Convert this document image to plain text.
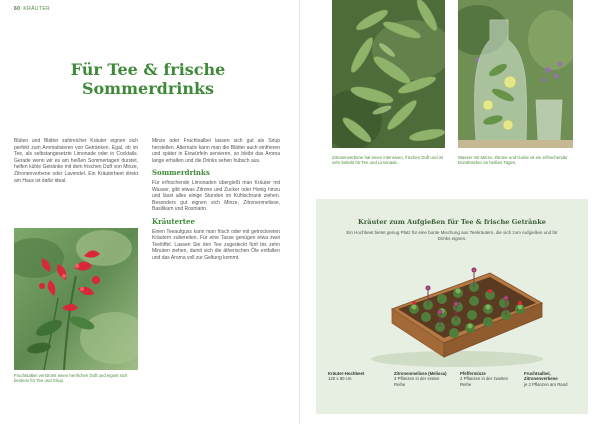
60 KRÄUTER
Für Tee & frische
Sommerdrinks

Blüten und Blätter zahlreicher Kräuter eignen sich perfekt zum Aromatisieren von Getränken. Egal, ob im Tee, als selbstangesetzte Limonade oder in Cocktails. Gerade wenn wir es am heißen Sommertagen durstet, helfen kühle Getränke mit dem frischen Duft von Minze, Zitronenverbene oder Lavendel. Ein Kräuterbeet direkt am Haus ist dafür ideal.

Minze oder Fruchtsalbei lassen sich gut als Sirup herstellen. Alternativ kann man die Blätter auch einfrieren und später in Eiswürfeln servieren, so bleibt das Aroma lange erhalten und die Drinks sehen hübsch aus.

Sommerdrinks

Für erfrischende Limonaden übergießt man Kräuter mit Wasser, gibt etwas Zitrone und Zucker oder Honig hinzu und lässt alles einige Stunden im Kühlschrank ziehen. Besonders gut eignen sich Minze, Zitronenmelisse, Basilikum und Rosmarin.

Kräutertee

Einen Teeaufguss kann man frisch oder mit getrockneten Kräutern zubereiten. Für eine Tasse genügen etwa zwei Teelöffel. Lassen Sie den Tee zugedeckt fünf bis zehn Minuten ziehen, damit sich die ätherischen Öle entfalten und das Aroma voll zur Geltung kommt.

Fruchtsalbei verströmt einen herrlichen Duft und eignet sich bestens für Tee und Sirup.
Zitronenverbene hat einen intensiven, frischen Duft und ist sehr beliebt für Tee und Limonade.
Wasser mit Minze, Zitrone und Gurke ist ein erfrischender Durstlöscher an heißen Tagen.
Kräuter zum Aufgießen für Tee & frische Getränke
Ein Hochbeet bietet genug Platz für eine bunte Mischung aus Teekräutern, die sich zum Aufgießen und für Drinks eignen.
Kräuter-Hochbeet
120 x 80 cm
Zitronenmelisse (Melissa)
3 Pflanzen in der ersten Reihe
Pfefferminze
2 Pflanzen in der zweiten Reihe
Fruchtsalbei, Zitronenverbene
je 2 Pflanzen am Rand
